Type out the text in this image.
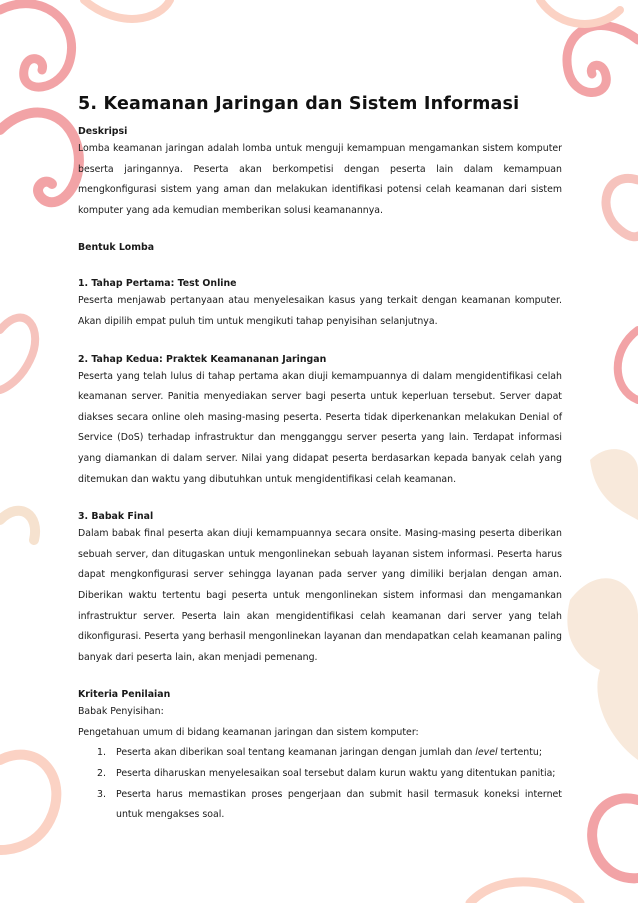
5. Keamanan Jaringan dan Sistem Informasi

Deskripsi

Lomba keamanan jaringan adalah lomba untuk menguji kemampuan mengamankan sistem komputer beserta jaringannya. Peserta akan berkompetisi dengan peserta lain dalam kemampuan mengkonfigurasi sistem yang aman dan melakukan identifikasi potensi celah keamanan dari sistem komputer yang ada kemudian memberikan solusi keamanannya.

Bentuk Lomba

1. Tahap Pertama: Test Online

Peserta menjawab pertanyaan atau menyelesaikan kasus yang terkait dengan keamanan komputer. Akan dipilih empat puluh tim untuk mengikuti tahap penyisihan selanjutnya.

2. Tahap Kedua: Praktek Keamananan Jaringan

Peserta yang telah lulus di tahap pertama akan diuji kemampuannya di dalam mengidentifikasi celah keamanan server. Panitia menyediakan server bagi peserta untuk keperluan tersebut. Server dapat diakses secara online oleh masing-masing peserta. Peserta tidak diperkenankan melakukan Denial of Service (DoS) terhadap infrastruktur dan mengganggu server peserta yang lain. Terdapat informasi yang diamankan di dalam server. Nilai yang didapat peserta berdasarkan kepada banyak celah yang ditemukan dan waktu yang dibutuhkan untuk mengidentifikasi celah keamanan.

3. Babak Final

Dalam babak final peserta akan diuji kemampuannya secara onsite. Masing-masing peserta diberikan sebuah server, dan ditugaskan untuk mengonlinekan sebuah layanan sistem informasi. Peserta harus dapat mengkonfigurasi server sehingga layanan pada server yang dimiliki berjalan dengan aman. Diberikan waktu tertentu bagi peserta untuk mengonlinekan sistem informasi dan mengamankan infrastruktur server. Peserta lain akan mengidentifikasi celah keamanan dari server yang telah dikonfigurasi. Peserta yang berhasil mengonlinekan layanan dan mendapatkan celah keamanan paling banyak dari peserta lain, akan menjadi pemenang.

Kriteria Penilaian

Babak Penyisihan:

Pengetahuan umum di bidang keamanan jaringan dan sistem komputer:

1. Peserta akan diberikan soal tentang keamanan jaringan dengan jumlah dan level tertentu;
2. Peserta diharuskan menyelesaikan soal tersebut dalam kurun waktu yang ditentukan panitia;
3. Peserta harus memastikan proses pengerjaan dan submit hasil termasuk koneksi internet untuk mengakses soal.
